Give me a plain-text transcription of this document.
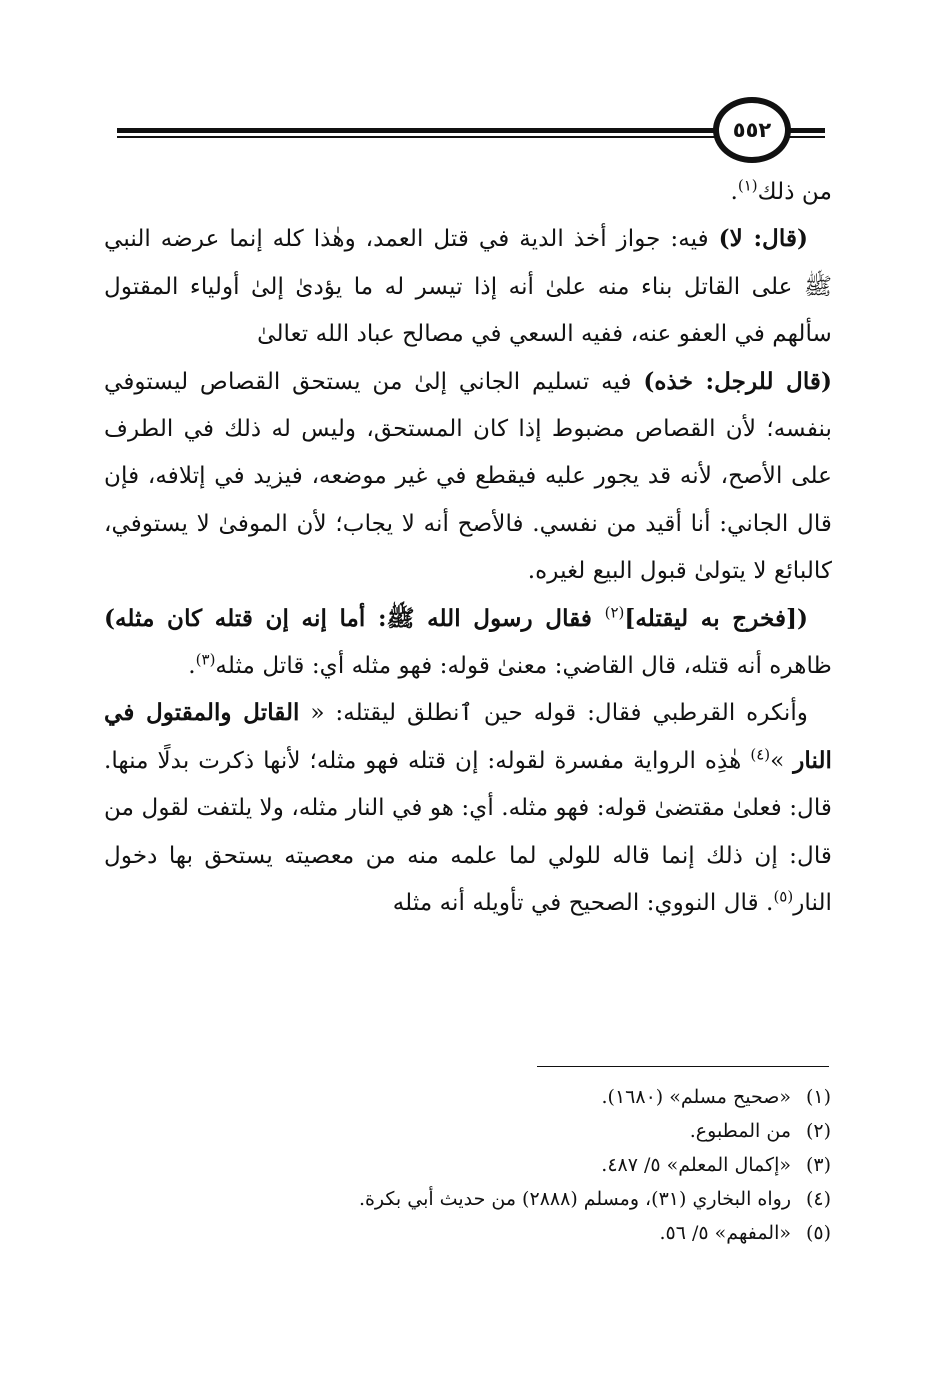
٥٥٢

من ذلك$^{(١)}$.

(قال: لا) فيه: جواز أخذ الدية في قتل العمد، وهٰذا كله إنما عرضه النبي ﷺ على القاتل بناء منه علىٰ أنه إذا تيسر له ما يؤدىٰ إلىٰ أولياء المقتول سألهم في العفو عنه، ففيه السعي في مصالح عباد الله تعالىٰ

(قال للرجل: خذه) فيه تسليم الجاني إلىٰ من يستحق القصاص ليستوفي بنفسه؛ لأن القصاص مضبوط إذا كان المستحق، وليس له ذلك في الطرف على الأصح، لأنه قد يجور عليه فيقطع في غير موضعه، فيزيد في إتلافه، فإن قال الجاني: أنا أقيد من نفسي. فالأصح أنه لا يجاب؛ لأن الموفىٰ لا يستوفي، كالبائع لا يتولىٰ قبول البيع لغيره.

([فخرج به ليقتله]$^{(٢)}$ فقال رسول الله ﷺ: أما إنه إن قتله كان مثله) ظاهره أنه قتله، قال القاضي: معنىٰ قوله: فهو مثله أي: قاتل مثله$^{(٣)}$.

وأنكره القرطبي فقال: قوله حين ٱنطلق ليقتله: « القاتل والمقتول في النار »$^{(٤)}$ هٰذِه الرواية مفسرة لقوله: إن قتله فهو مثله؛ لأنها ذكرت بدلًا منها. قال: فعلىٰ مقتضىٰ قوله: فهو مثله. أي: هو في النار مثله، ولا يلتفت لقول من قال: إن ذلك إنما قاله للولي لما علمه منه من معصيته يستحق بها دخول النار$^{(٥)}$. قال النووي: الصحيح في تأويله أنه مثله

(١)«صحيح مسلم» (١٦٨٠).
(٢)من المطبوع.
(٣)«إكمال المعلم» ٥/ ٤٨٧.
(٤)رواه البخاري (٣١)، ومسلم (٢٨٨٨) من حديث أبي بكرة.
(٥)«المفهم» ٥/ ٥٦.
